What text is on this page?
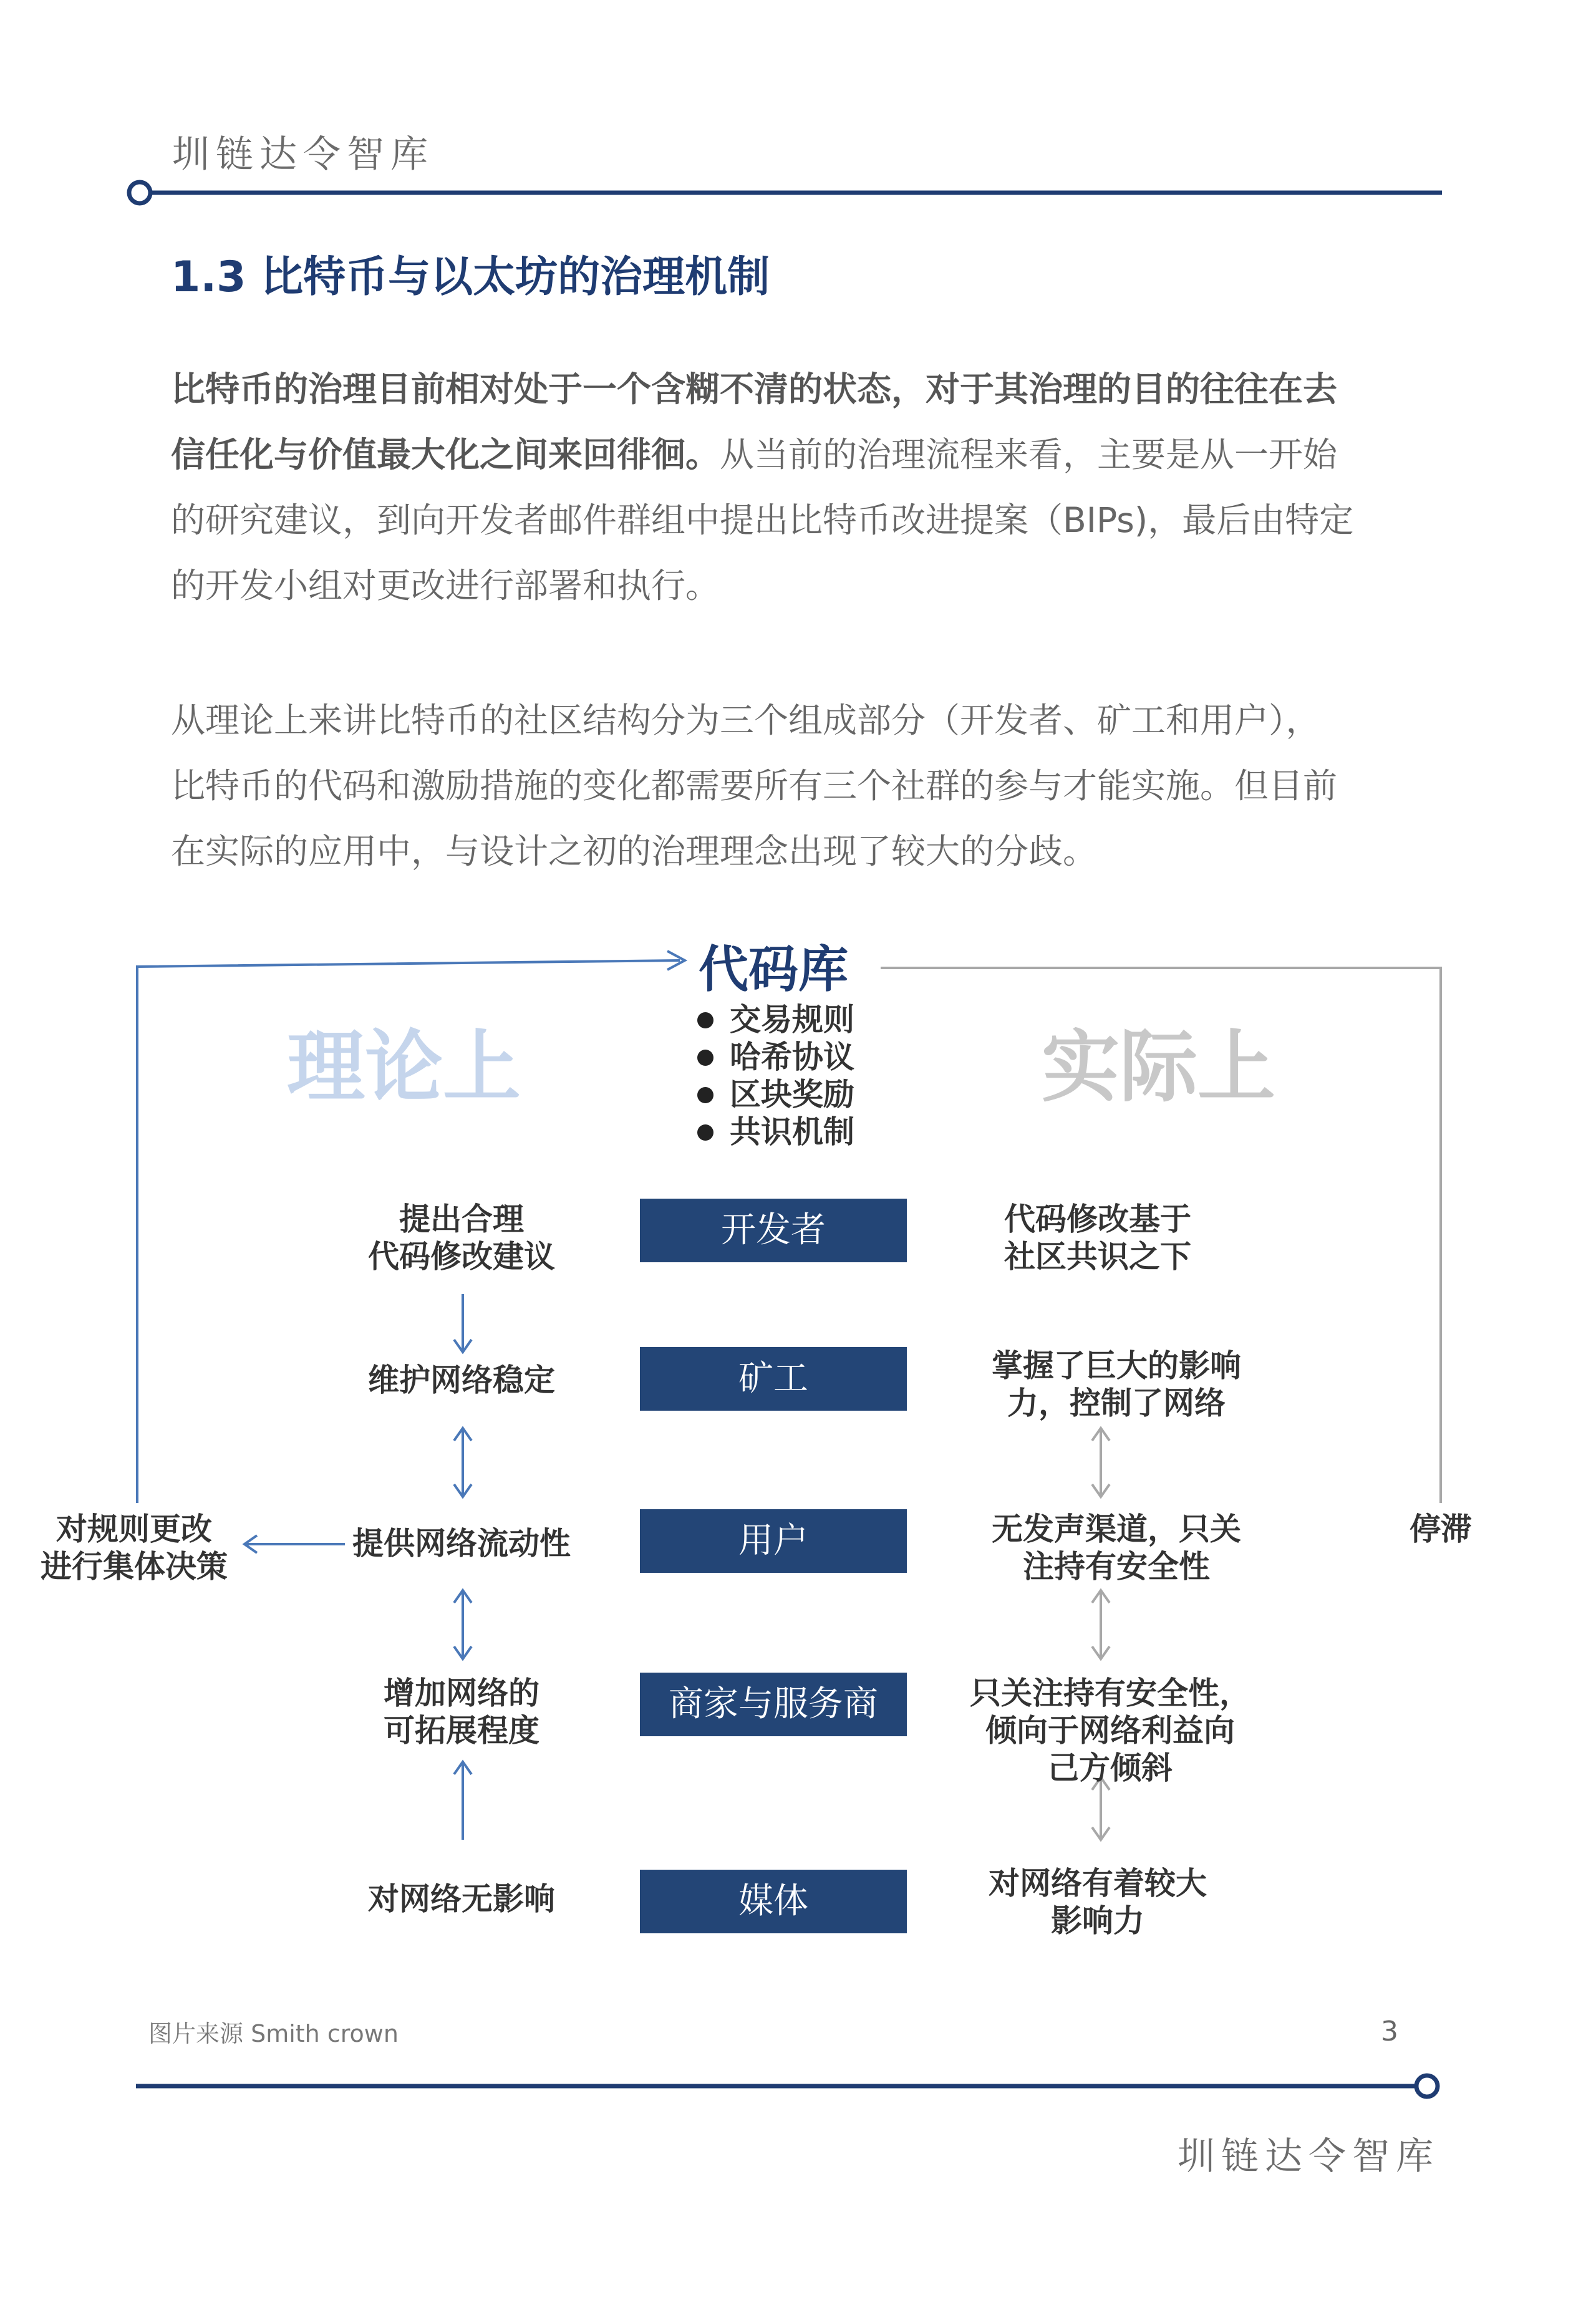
圳链达令智库
1.3 比特币与以太坊的治理机制
比特币的治理目前相对处于一个含糊不清的状态，对于其治理的目的往往在去
信任化与价值最大化之间来回徘徊。从当前的治理流程来看，主要是从一开始
的研究建议，到向开发者邮件群组中提出比特币改进提案（BIPs)，最后由特定
的开发小组对更改进行部署和执行。
从理论上来讲比特币的社区结构分为三个组成部分（开发者、矿工和用户），
比特币的代码和激励措施的变化都需要所有三个社群的参与才能实施。但目前
在实际的应用中，与设计之初的治理理念出现了较大的分歧。
代码库
理论上	实际上
交易规则
哈希协议
区块奖励
共识机制
开发者
矿工
用户
商家与服务商
媒体
提出合理
代码修改建议
维护网络稳定
提供网络流动性
增加网络的
可拓展程度
对网络无影响
代码修改基于
社区共识之下
掌握了巨大的影响
力，控制了网络
无发声渠道，只关
注持有安全性
只关注持有安全性，
倾向于网络利益向
己方倾斜
对网络有着较大
影响力
对规则更改
进行集体决策
停滞
图片来源 Smith crown	3
圳链达令智库
